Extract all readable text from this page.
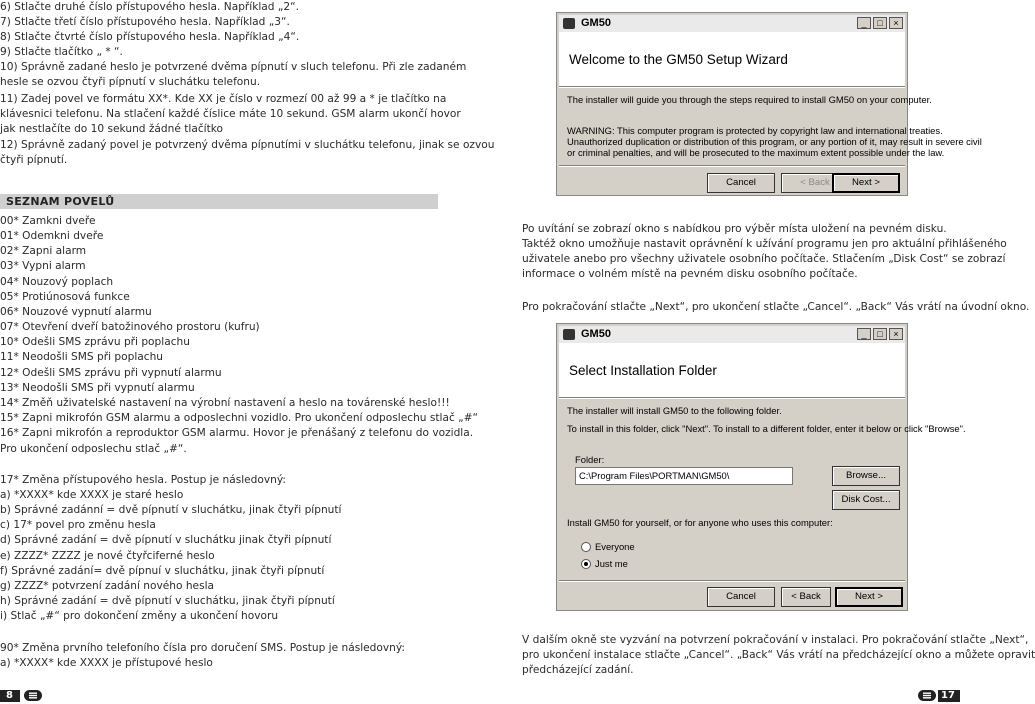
6) Stlačte druhé číslo přístupového hesla. Například „2“.
7) Stlačte třetí číslo přístupového hesla. Například „3“.
8) Stlačte čtvrté číslo přístupového hesla. Například „4“.
9) Stlačte tlačítko „ * “.
10) Správně zadané heslo je potvrzené dvěma pípnutí v sluch telefonu. Při zle zadaném
hesle se ozvou čtyři pípnutí v sluchátku telefonu.
11) Zadej povel ve formátu XX*. Kde XX je číslo v rozmezí 00 až 99 a * je tlačítko na
klávesnici telefonu. Na stlačení každé číslice máte 10 sekund. GSM alarm ukončí hovor
jak nestlačíte do 10 sekund žádné tlačítko
12) Správně zadaný povel je potvrzený dvěma pípnutími v sluchátku telefonu, jinak se ozvou
čtyři pípnutí.
SEZNAM POVELŮ
00* Zamkni dveře
01* Odemkni dveře
02* Zapni alarm
03* Vypni alarm
04* Nouzový poplach
05* Protiúnosová funkce
06* Nouzové vypnutí alarmu
07* Otevření dveří batožinového prostoru (kufru)
10* Odešli SMS zprávu při poplachu
11* Neodošli SMS při poplachu
12* Odešli SMS zprávu při vypnutí alarmu
13* Neodošli SMS při vypnutí alarmu
14* Změň uživatelské nastavení na výrobní nastavení a heslo na továrenské heslo!!!
15* Zapni mikrofón GSM alarmu a odposlechni vozidlo. Pro ukončení odposlechu stlač „#“
16* Zapni mikrofón a reproduktor GSM alarmu. Hovor je přenášaný z telefonu do vozidla.
Pro ukončení odposlechu stlač „#“.
17* Změna přístupového hesla. Postup je následovný:
a) *XXXX* kde XXXX je staré heslo
b) Správné zadánní = dvě pípnutí v sluchátku, jinak čtyři pípnutí
c) 17* povel pro změnu hesla
d) Správné zadání = dvě pípnutí v sluchátku jinak čtyři pípnutí
e) ZZZZ* ZZZZ je nové čtyřciferné heslo
f) Správné zadání= dvě pípnuí v sluchátku, jinak čtyři pípnutí
g) ZZZZ* potvrzení zadání nového hesla
h) Správné zadání = dvě pípnutí v sluchátku, jinak čtyři pípnutí
i) Stlač „#“ pro dokončení změny a ukončení hovoru
90* Změna prvního telefoního čísla pro doručení SMS. Postup je následovný:
a) *XXXX* kde XXXX je přístupové heslo
8
GM50	_	□	×
Welcome to the GM50 Setup Wizard
The installer will guide you through the steps required to install GM50 on your computer.
WARNING: This computer program is protected by copyright law and international treaties.
Unauthorized duplication or distribution of this program, or any portion of it, may result in severe civil
or criminal penalties, and will be prosecuted to the maximum extent possible under the law.
Cancel	< Back	Next >
Po uvítání se zobrazí okno s nabídkou pro výběr místa uložení na pevném disku.
Taktéž okno umožňuje nastavit oprávnění k užívání programu jen pro aktuální přihlášeného
uživatele anebo pro všechny uživatele osobního počítače. Stlačením „Disk Cost“ se zobrazí
informace o volném místě na pevném disku osobního počítače.
Pro pokračování stlačte „Next“, pro ukončení stlačte „Cancel“. „Back“ Vás vrátí na úvodní okno.
GM50	_	□	×
Select Installation Folder
The installer will install GM50 to the following folder.
To install in this folder, click "Next". To install to a different folder, enter it below or click "Browse".
Folder:
C:\Program Files\PORTMAN\GM50\	Browse...
Disk Cost...
Install GM50 for yourself, or for anyone who uses this computer:
Everyone
Just me
Cancel	< Back	Next >
V dalším okně ste vyzvání na potvrzení pokračování v instalaci. Pro pokračování stlačte „Next“,
pro ukončení instalace stlačte „Cancel“. „Back“ Vás vrátí na předcházející okno a můžete opravit
předcházející zadání.
17
